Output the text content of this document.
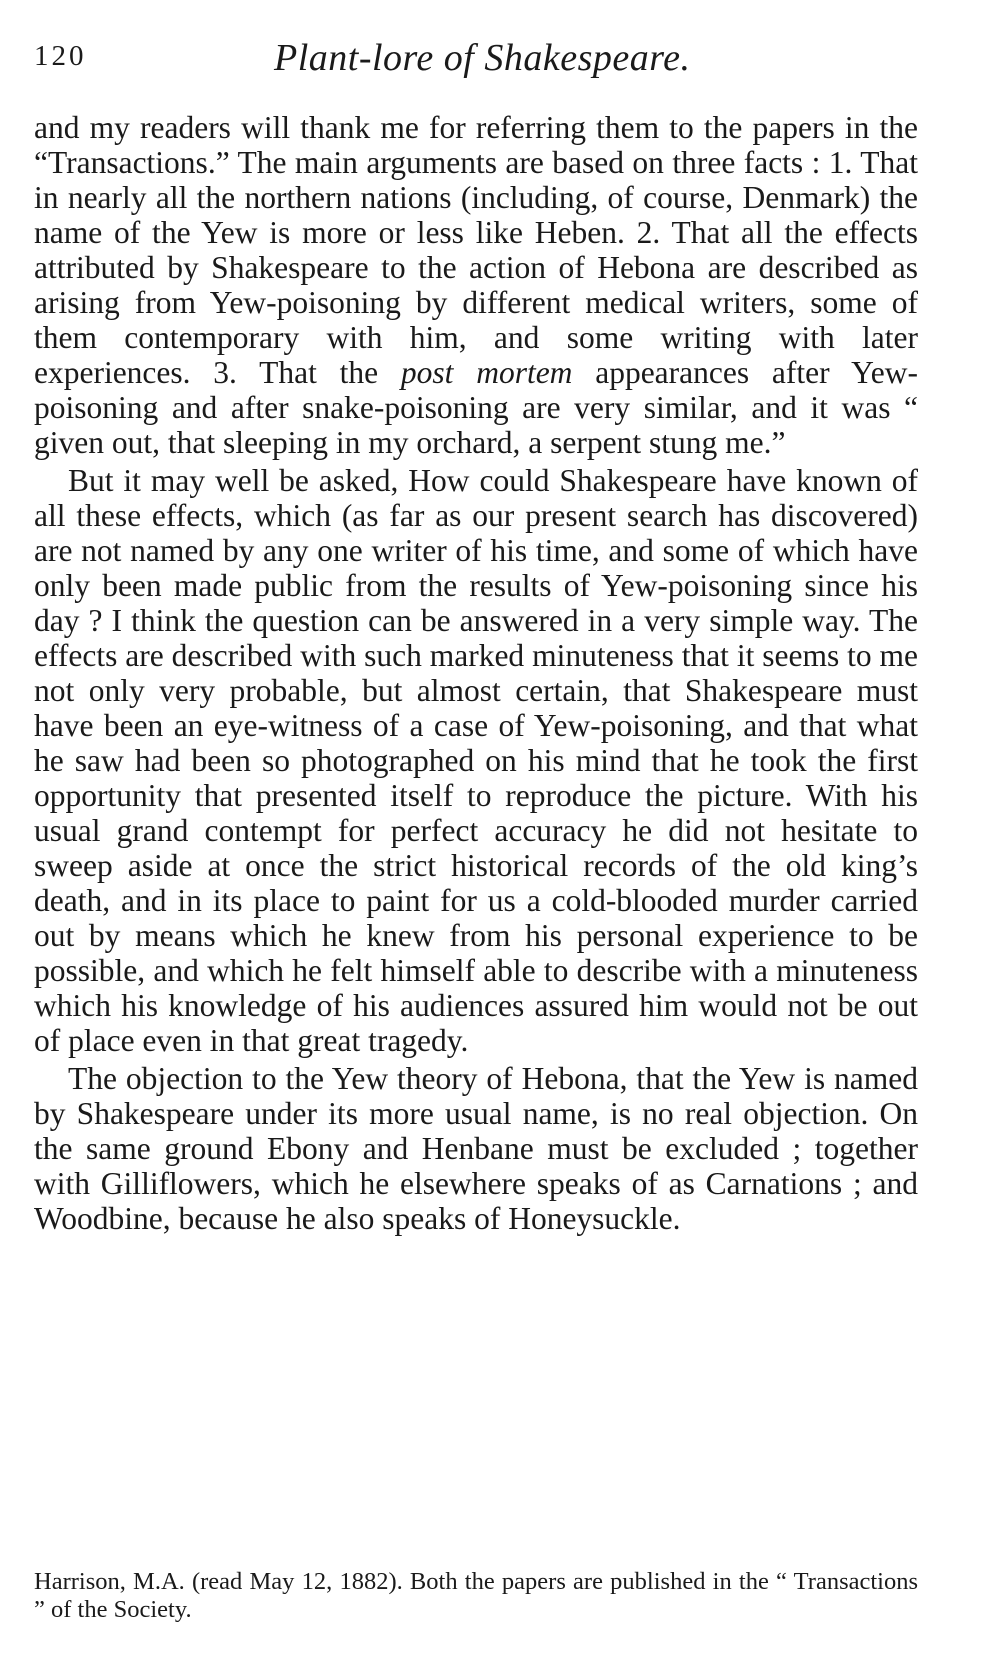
120	Plant-lore of Shakespeare.

and my readers will thank me for referring them to the papers in the “Transactions.” The main arguments are based on three facts : 1. That in nearly all the northern nations (including, of course, Denmark) the name of the Yew is more or less like Heben. 2. That all the effects attributed by Shakespeare to the action of Hebona are described as arising from Yew-poisoning by different medical writers, some of them contemporary with him, and some writing with later experiences. 3. That the post mortem appearances after Yew-poisoning and after snake-poisoning are very similar, and it was “ given out, that sleeping in my orchard, a serpent stung me.”

But it may well be asked, How could Shakespeare have known of all these effects, which (as far as our present search has discovered) are not named by any one writer of his time, and some of which have only been made public from the results of Yew-poisoning since his day ? I think the question can be answered in a very simple way. The effects are described with such marked minuteness that it seems to me not only very probable, but almost certain, that Shakespeare must have been an eye-witness of a case of Yew-poisoning, and that what he saw had been so photographed on his mind that he took the first opportunity that presented itself to reproduce the picture. With his usual grand contempt for perfect accuracy he did not hesitate to sweep aside at once the strict historical records of the old king’s death, and in its place to paint for us a cold-blooded murder carried out by means which he knew from his personal experience to be possible, and which he felt himself able to describe with a minuteness which his knowledge of his audiences assured him would not be out of place even in that great tragedy.

The objection to the Yew theory of Hebona, that the Yew is named by Shakespeare under its more usual name, is no real objection. On the same ground Ebony and Henbane must be excluded ; together with Gilliflowers, which he elsewhere speaks of as Carnations ; and Woodbine, because he also speaks of Honeysuckle.

Harrison, M.A. (read May 12, 1882). Both the papers are published in the “ Transactions ” of the Society.
